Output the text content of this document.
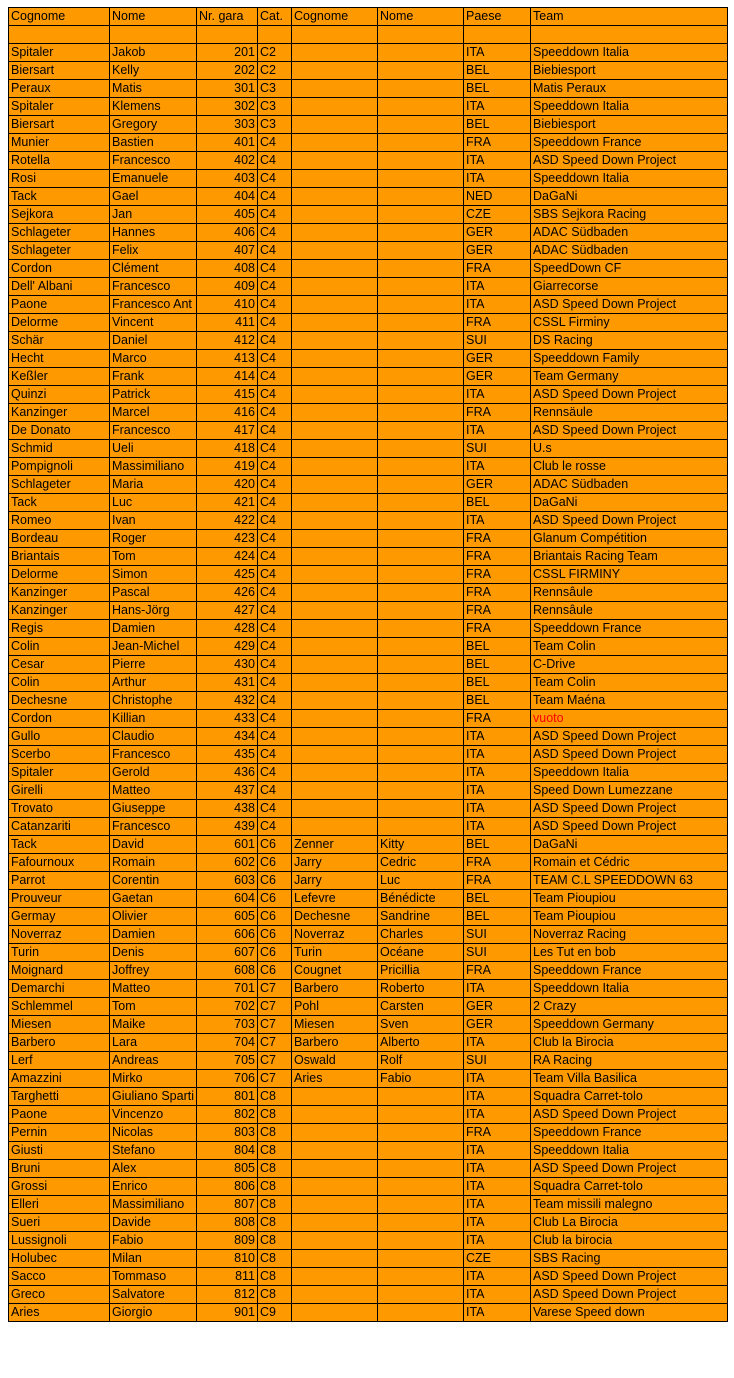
Cognome	Nome	Nr. gara	Cat.	Cognome	Nome	Paese	Team

Spitaler	Jakob	201	C2			ITA	Speeddown Italia
Biersart	Kelly	202	C2			BEL	Biebiesport
Peraux	Matis	301	C3			BEL	Matis Peraux
Spitaler	Klemens	302	C3			ITA	Speeddown Italia
Biersart	Gregory	303	C3			BEL	Biebiesport
Munier	Bastien	401	C4			FRA	Speeddown France
Rotella	Francesco	402	C4			ITA	ASD Speed Down Project
Rosi	Emanuele	403	C4			ITA	Speeddown Italia
Tack	Gael	404	C4			NED	DaGaNi
Sejkora	Jan	405	C4			CZE	SBS Sejkora Racing
Schlageter	Hannes	406	C4			GER	ADAC Südbaden
Schlageter	Felix	407	C4			GER	ADAC Südbaden
Cordon	Clément	408	C4			FRA	SpeedDown CF
Dell' Albani	Francesco	409	C4			ITA	Giarrecorse
Paone	Francesco Ant	410	C4			ITA	ASD Speed Down Project
Delorme	Vincent	411	C4			FRA	CSSL Firminy
Schär	Daniel	412	C4			SUI	DS Racing
Hecht	Marco	413	C4			GER	Speeddown Family
Keßler	Frank	414	C4			GER	Team Germany
Quinzi	Patrick	415	C4			ITA	ASD Speed Down Project
Kanzinger	Marcel	416	C4			FRA	Rennsäule
De Donato	Francesco	417	C4			ITA	ASD Speed Down Project
Schmid	Ueli	418	C4			SUI	U.s
Pompignoli	Massimiliano	419	C4			ITA	Club le rosse
Schlageter	Maria	420	C4			GER	ADAC Südbaden
Tack	Luc	421	C4			BEL	DaGaNi
Romeo	Ivan	422	C4			ITA	ASD Speed Down Project
Bordeau	Roger	423	C4			FRA	Glanum Compétition
Briantais	Tom	424	C4			FRA	Briantais Racing Team
Delorme	Simon	425	C4			FRA	CSSL FIRMINY
Kanzinger	Pascal	426	C4			FRA	Rennsâule
Kanzinger	Hans-Jörg	427	C4			FRA	Rennsâule
Regis	Damien	428	C4			FRA	Speeddown France
Colin	Jean-Michel	429	C4			BEL	Team Colin
Cesar	Pierre	430	C4			BEL	C-Drive
Colin	Arthur	431	C4			BEL	Team Colin
Dechesne	Christophe	432	C4			BEL	Team Maéna
Cordon	Killian	433	C4			FRA	vuoto
Gullo	Claudio	434	C4			ITA	ASD Speed Down Project
Scerbo	Francesco	435	C4			ITA	ASD Speed Down Project
Spitaler	Gerold	436	C4			ITA	Speeddown Italia
Girelli	Matteo	437	C4			ITA	Speed Down Lumezzane
Trovato	Giuseppe	438	C4			ITA	ASD Speed Down Project
Catanzariti	Francesco	439	C4			ITA	ASD Speed Down Project
Tack	David	601	C6	Zenner	Kitty	BEL	DaGaNi
Fafournoux	Romain	602	C6	Jarry	Cedric	FRA	Romain et Cédric
Parrot	Corentin	603	C6	Jarry	Luc	FRA	TEAM C.L SPEEDDOWN 63
Prouveur	Gaetan	604	C6	Lefevre	Bénédicte	BEL	Team Pioupiou
Germay	Olivier	605	C6	Dechesne	Sandrine	BEL	Team Pioupiou
Noverraz	Damien	606	C6	Noverraz	Charles	SUI	Noverraz Racing
Turin	Denis	607	C6	Turin	Océane	SUI	Les Tut en bob
Moignard	Joffrey	608	C6	Cougnet	Pricillia	FRA	Speeddown France
Demarchi	Matteo	701	C7	Barbero	Roberto	ITA	Speeddown Italia
Schlemmel	Tom	702	C7	Pohl	Carsten	GER	2 Crazy
Miesen	Maike	703	C7	Miesen	Sven	GER	Speeddown Germany
Barbero	Lara	704	C7	Barbero	Alberto	ITA	Club la Birocia
Lerf	Andreas	705	C7	Oswald	Rolf	SUI	RA Racing
Amazzini	Mirko	706	C7	Aries	Fabio	ITA	Team Villa Basilica
Targhetti	Giuliano Sparti	801	C8			ITA	Squadra Carret-tolo
Paone	Vincenzo	802	C8			ITA	ASD Speed Down Project
Pernin	Nicolas	803	C8			FRA	Speeddown France
Giusti	Stefano	804	C8			ITA	Speeddown Italia
Bruni	Alex	805	C8			ITA	ASD Speed Down Project
Grossi	Enrico	806	C8			ITA	Squadra Carret-tolo
Elleri	Massimiliano	807	C8			ITA	Team missili malegno
Sueri	Davide	808	C8			ITA	Club La Birocia
Lussignoli	Fabio	809	C8			ITA	Club la birocia
Holubec	Milan	810	C8			CZE	SBS Racing
Sacco	Tommaso	811	C8			ITA	ASD Speed Down Project
Greco	Salvatore	812	C8			ITA	ASD Speed Down Project
Aries	Giorgio	901	C9			ITA	Varese Speed down
